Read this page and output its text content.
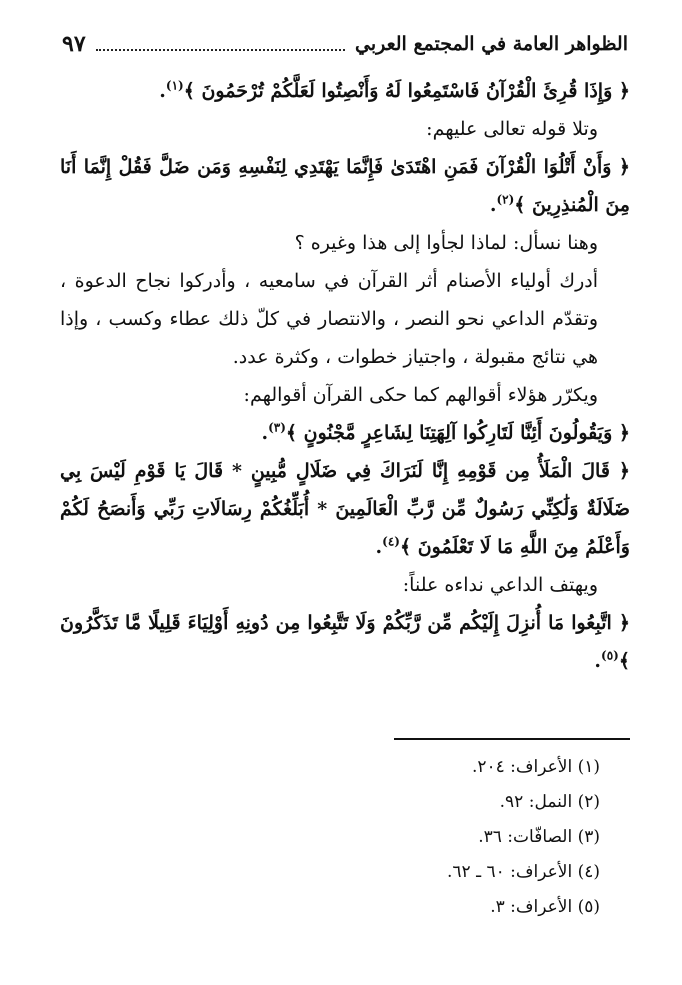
الظواهر العامة في المجتمع العربي
٩٧

﴿ وَإِذَا قُرِئَ الْقُرْآنُ فَاسْتَمِعُوا لَهُ وَأَنْصِتُوا لَعَلَّكُمْ تُرْحَمُونَ ﴾$^{(١)}$.

وتلا قوله تعالى عليهم:

﴿ وَأَنْ أَتْلُوَا الْقُرْآنَ فَمَنِ اهْتَدَىٰ فَإِنَّمَا يَهْتَدِي لِنَفْسِهِ وَمَن ضَلَّ فَقُلْ إِنَّمَا أَنَا مِنَ الْمُنذِرِينَ ﴾$^{(٢)}$.

وهنا نسأل: لماذا لجأوا إلى هذا وغيره ؟

أدرك أولياء الأصنام أثر القرآن في سامعيه ، وأدركوا نجاح الدعوة ، وتقدّم الداعي نحو النصر ، والانتصار في كلّ ذلك عطاء وكسب ، وإذا هي نتائج مقبولة ، واجتياز خطوات ، وكثرة عدد.

ويكرّر هؤلاء أقوالهم كما حكى القرآن أقوالهم:

﴿ وَيَقُولُونَ أَئِنَّا لَتَارِكُوا آلِهَتِنَا لِشَاعِرٍ مَّجْنُونٍ ﴾$^{(٣)}$.

﴿ قَالَ الْمَلَأُ مِن قَوْمِهِ إِنَّا لَنَرَاكَ فِي ضَلَالٍ مُّبِينٍ * قَالَ يَا قَوْمِ لَيْسَ بِي ضَلَالَةٌ وَلَٰكِنِّي رَسُولٌ مِّن رَّبِّ الْعَالَمِينَ * أُبَلِّغُكُمْ رِسَالَاتِ رَبِّي وَأَنصَحُ لَكُمْ وَأَعْلَمُ مِنَ اللَّهِ مَا لَا تَعْلَمُونَ ﴾$^{(٤)}$.

ويهتف الداعي نداءه علناً:

﴿ اتَّبِعُوا مَا أُنزِلَ إِلَيْكُم مِّن رَّبِّكُمْ وَلَا تَتَّبِعُوا مِن دُونِهِ أَوْلِيَاءَ قَلِيلًا مَّا تَذَكَّرُونَ ﴾$^{(٥)}$.

(١) الأعراف: ٢٠٤.
(٢) النمل: ٩٢.
(٣) الصافّات: ٣٦.
(٤) الأعراف: ٦٠ ـ ٦٢.
(٥) الأعراف: ٣.
